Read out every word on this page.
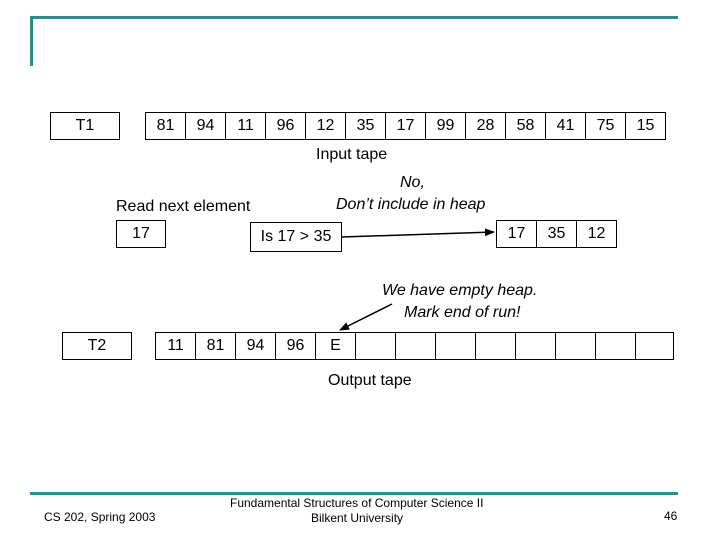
T1	81 94 11 96 12 35 17 99 28 58 41 75 15
Input tape
No,
Don’t include in heap
Read next element
17	Is 17 > 35	17 35 12
We have empty heap.
Mark end of run!
T2	11 81 94 96 E
Output tape
CS 202, Spring 2003
Fundamental Structures of Computer Science II
Bilkent University	46
